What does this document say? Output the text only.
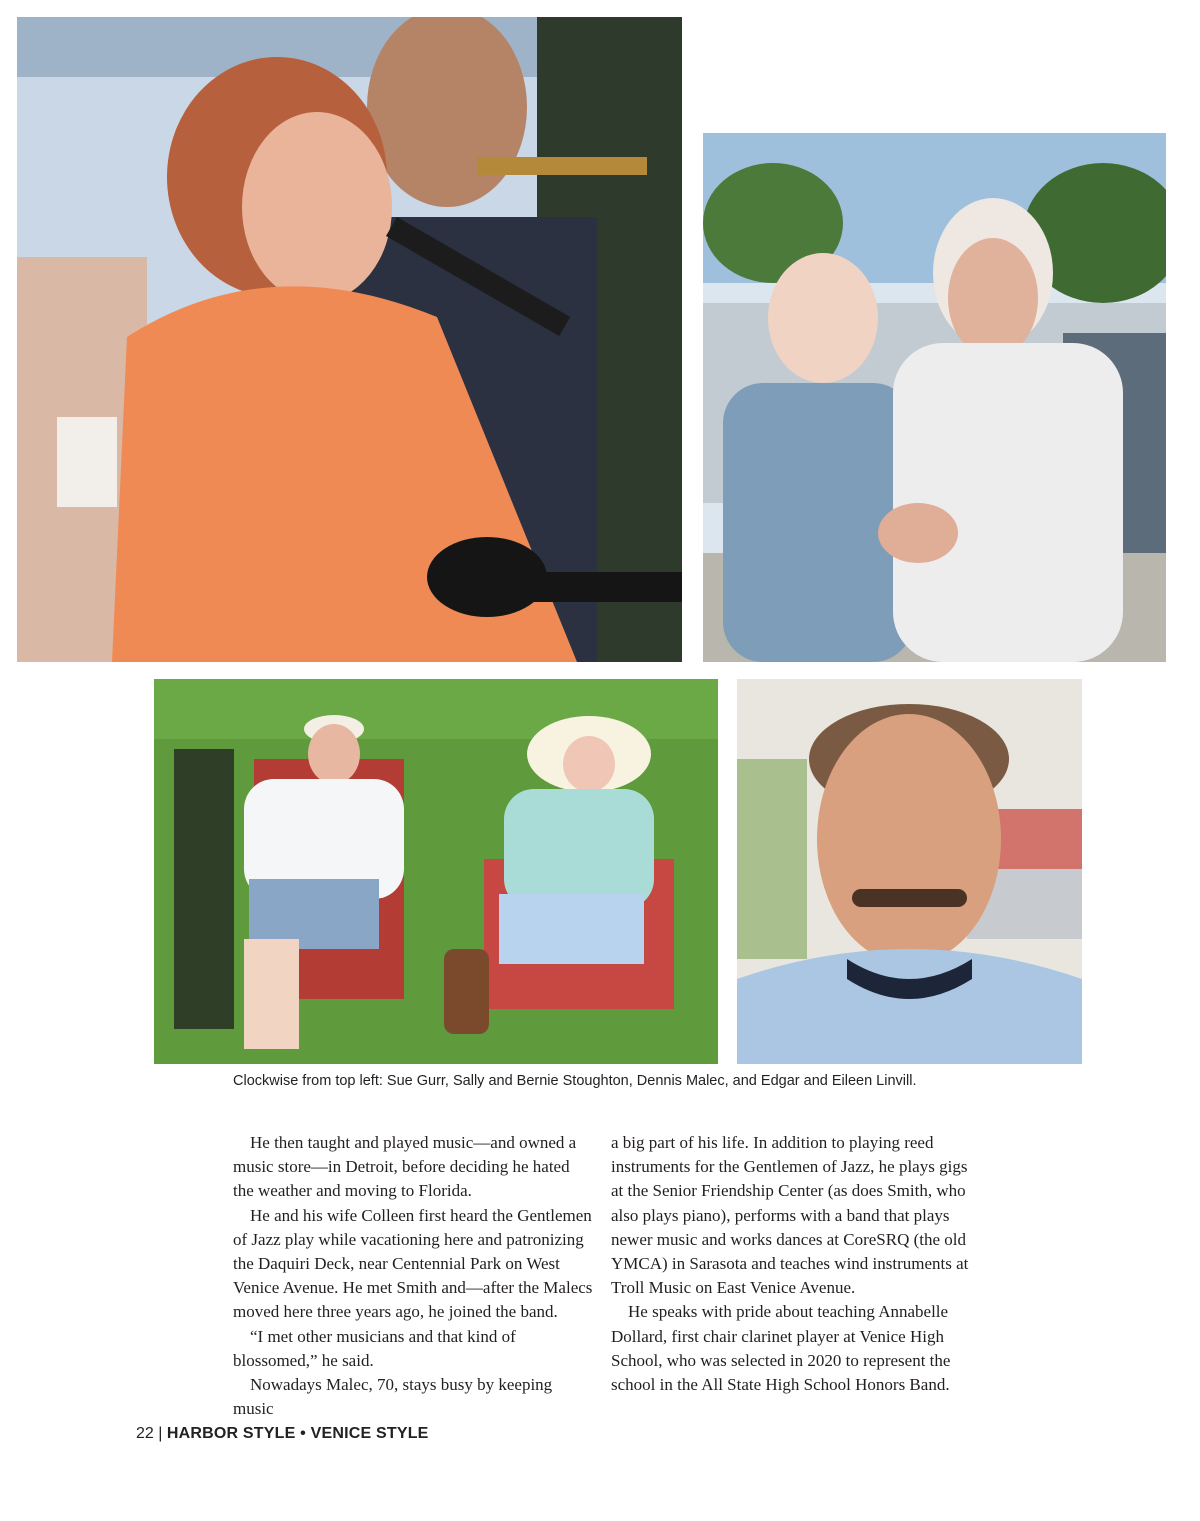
Clockwise from top left: Sue Gurr, Sally and Bernie Stoughton, Dennis Malec, and Edgar and Eileen Linvill.

He then taught and played music—and owned a music store—in Detroit, before deciding he hated the weather and moving to Florida.

He and his wife Colleen first heard the Gentlemen of Jazz play while vacationing here and patronizing the Daquiri Deck, near Centennial Park on West Venice Avenue. He met Smith and—after the Malecs moved here three years ago, he joined the band.

“I met other musicians and that kind of blossomed,” he said.

Nowadays Malec, 70, stays busy by keeping music

a big part of his life. In addition to playing reed instruments for the Gentlemen of Jazz, he plays gigs at the Senior Friendship Center (as does Smith, who also plays piano), performs with a band that plays newer music and works dances at CoreSRQ (the old YMCA) in Sarasota and teaches wind instruments at Troll Music on East Venice Avenue.

He speaks with pride about teaching Annabelle Dollard, first chair clarinet player at Venice High School, who was selected in 2020 to represent the school in the All State High School Honors Band.

22 | HARBOR STYLE • VENICE STYLE
